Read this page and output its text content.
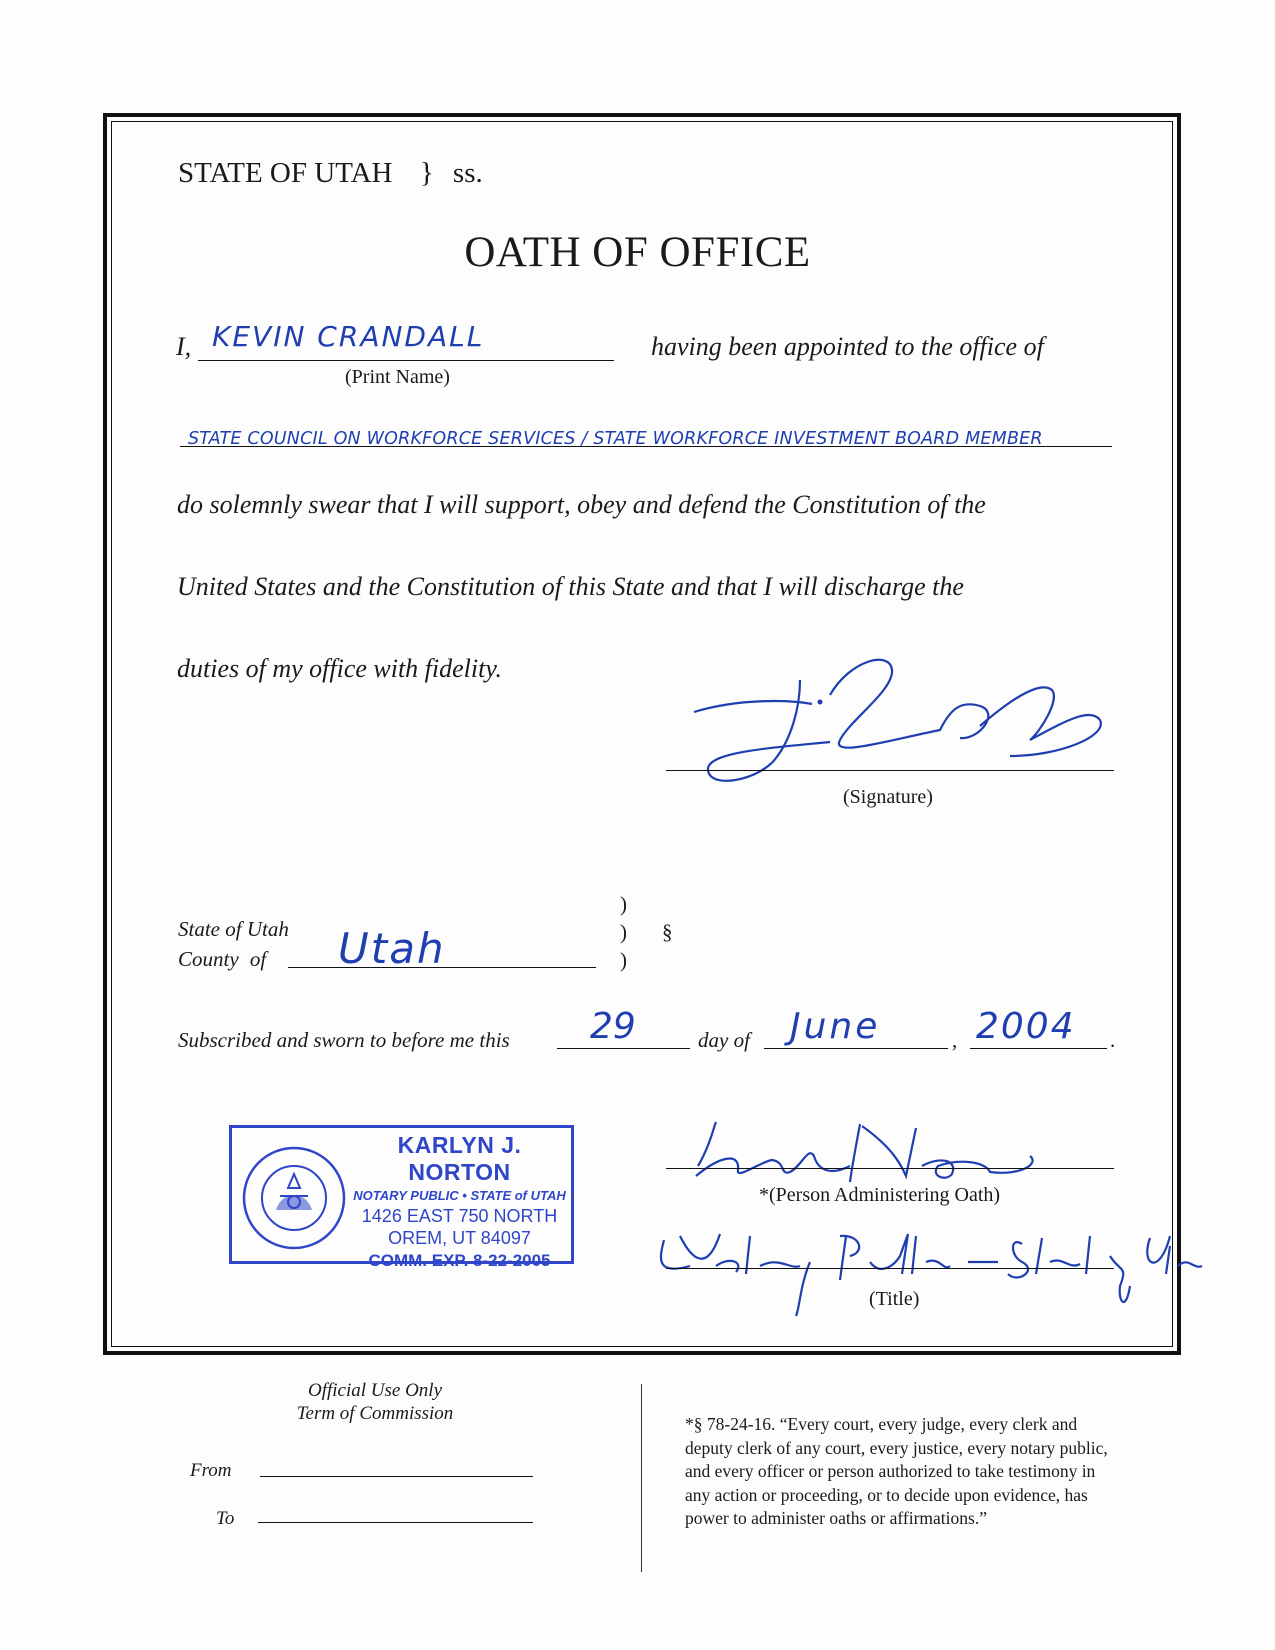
STATE OF UTAH } ss.
OATH OF OFFICE
I, KEVIN CRANDALL
(Print Name)
having been appointed to the office of
STATE COUNCIL ON WORKFORCE SERVICES / STATE WORKFORCE INVESTMENT BOARD MEMBER
do solemnly swear that I will support, obey and defend the Constitution of the
United States and the Constitution of this State and that I will discharge the
duties of my office with fidelity.
(Signature)
State of Utah
County of Utah
)
)
)
§
Subscribed and sworn to before me this 29	day of June	, 2004 .
KARLYN J. NORTON
NOTARY PUBLIC • STATE of UTAH
1426 EAST 750 NORTH
OREM, UT 84097
COMM. EXP. 8-22-2005
*(Person Administering Oath)
(Title)
Official Use Only
Term of Commission
From
To
*§ 78-24-16. “Every court, every judge, every clerk and
deputy clerk of any court, every justice, every notary public,
and every officer or person authorized to take testimony in
any action or proceeding, or to decide upon evidence, has
power to administer oaths or affirmations.”
